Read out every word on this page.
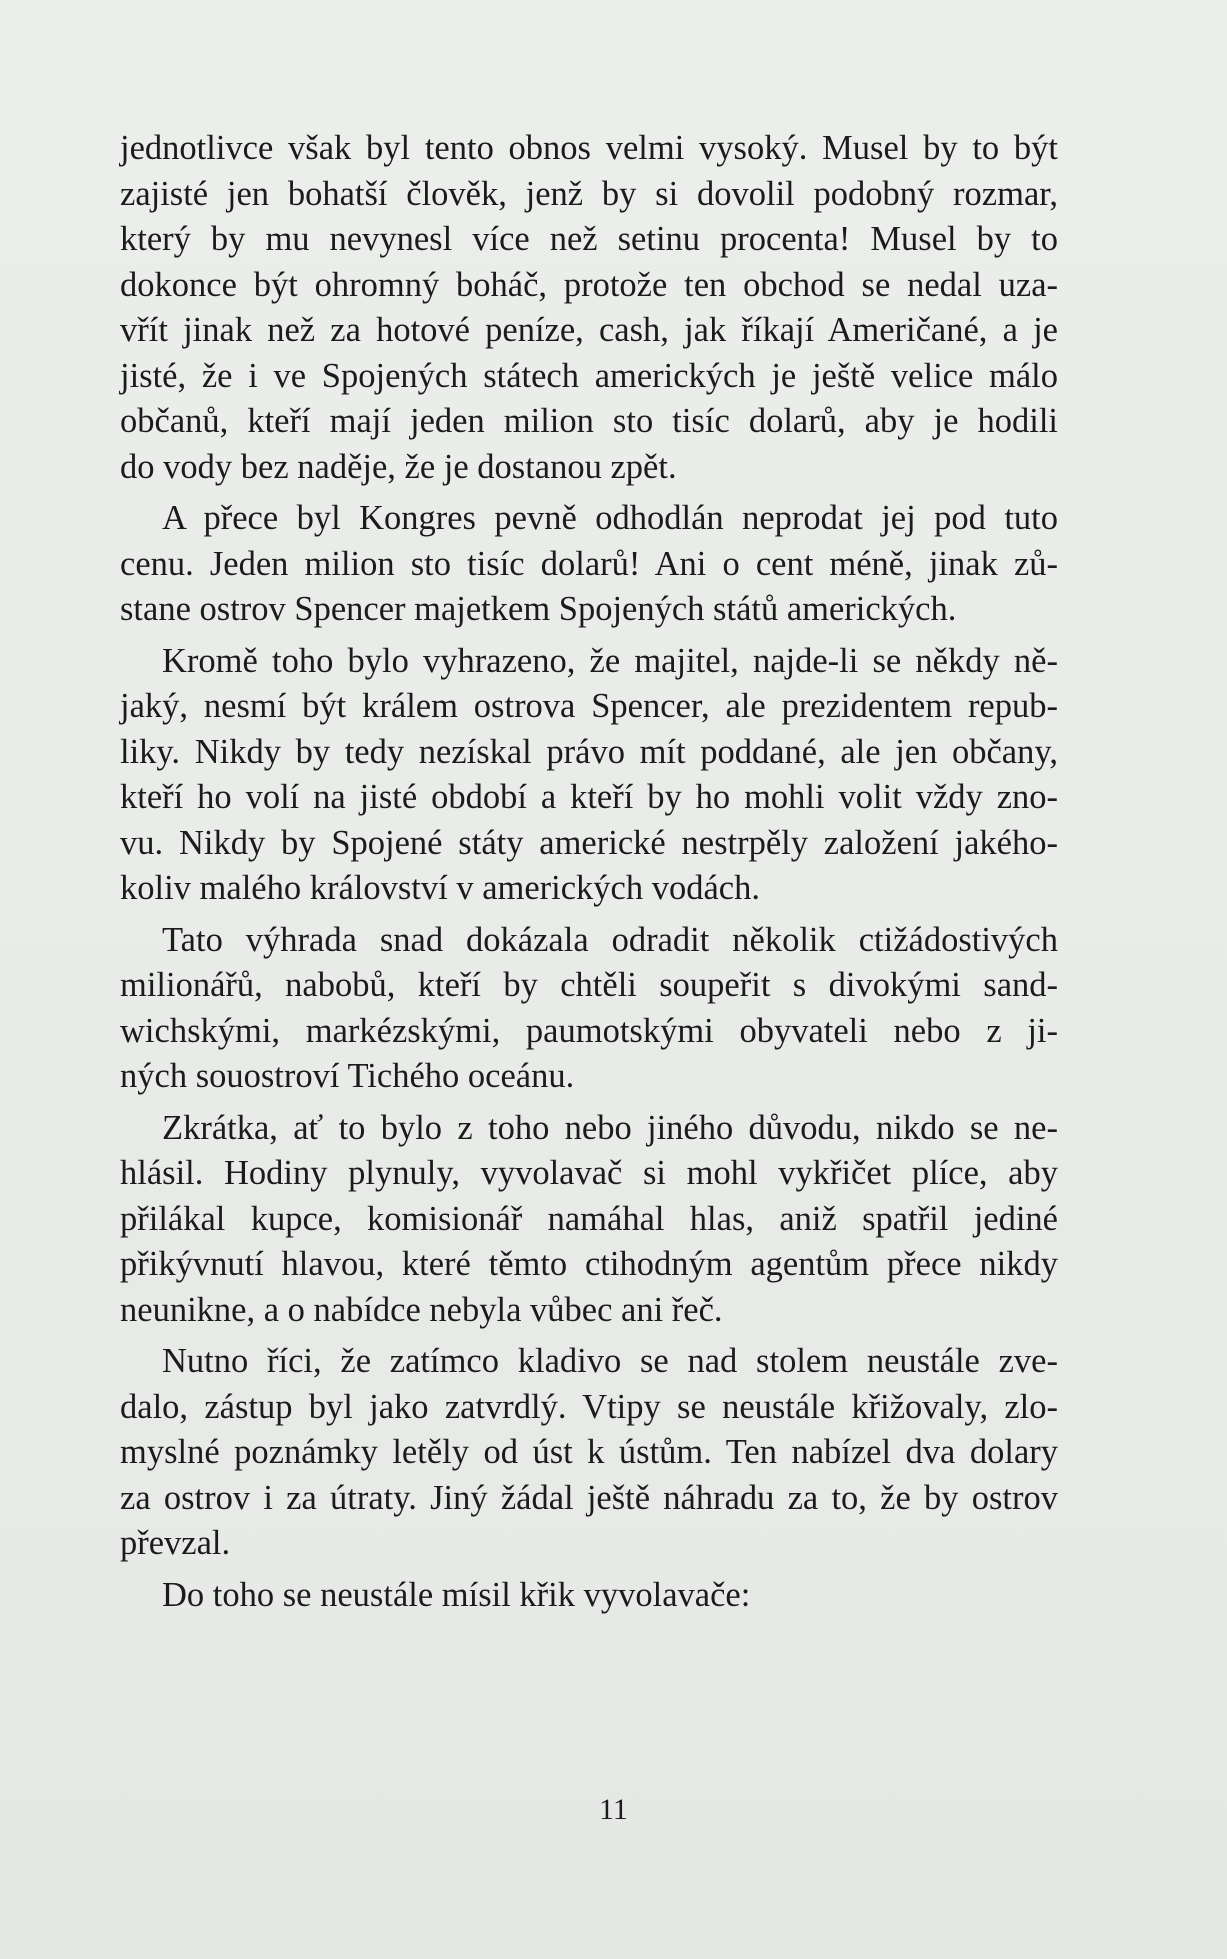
jednotlivce však byl tento obnos velmi vysoký. Musel by to být
zajisté jen bohatší člověk, jenž by si dovolil podobný rozmar,
který by mu nevynesl více než setinu procenta! Musel by to
dokonce být ohromný boháč, protože ten obchod se nedal uza-
vřít jinak než za hotové peníze, cash, jak říkají Američané, a je
jisté, že i ve Spojených státech amerických je ještě velice málo
občanů, kteří mají jeden milion sto tisíc dolarů, aby je hodili
do vody bez naděje, že je dostanou zpět.
A přece byl Kongres pevně odhodlán neprodat jej pod tuto
cenu. Jeden milion sto tisíc dolarů! Ani o cent méně, jinak zů-
stane ostrov Spencer majetkem Spojených států amerických.
Kromě toho bylo vyhrazeno, že majitel, najde-li se někdy ně-
jaký, nesmí být králem ostrova Spencer, ale prezidentem repub-
liky. Nikdy by tedy nezískal právo mít poddané, ale jen občany,
kteří ho volí na jisté období a kteří by ho mohli volit vždy zno-
vu. Nikdy by Spojené státy americké nestrpěly založení jakého-
koliv malého království v amerických vodách.
Tato výhrada snad dokázala odradit několik ctižádostivých
milionářů, nabobů, kteří by chtěli soupeřit s divokými sand-
wichskými, markézskými, paumotskými obyvateli nebo z ji-
ných souostroví Tichého oceánu.
Zkrátka, ať to bylo z toho nebo jiného důvodu, nikdo se ne-
hlásil. Hodiny plynuly, vyvolavač si mohl vykřičet plíce, aby
přilákal kupce, komisionář namáhal hlas, aniž spatřil jediné
přikývnutí hlavou, které těmto ctihodným agentům přece nikdy
neunikne, a o nabídce nebyla vůbec ani řeč.
Nutno říci, že zatímco kladivo se nad stolem neustále zve-
dalo, zástup byl jako zatvrdlý. Vtipy se neustále křižovaly, zlo-
myslné poznámky letěly od úst k ústům. Ten nabízel dva dolary
za ostrov i za útraty. Jiný žádal ještě náhradu za to, že by ostrov
převzal.
Do toho se neustále mísil křik vyvolavače:
11
